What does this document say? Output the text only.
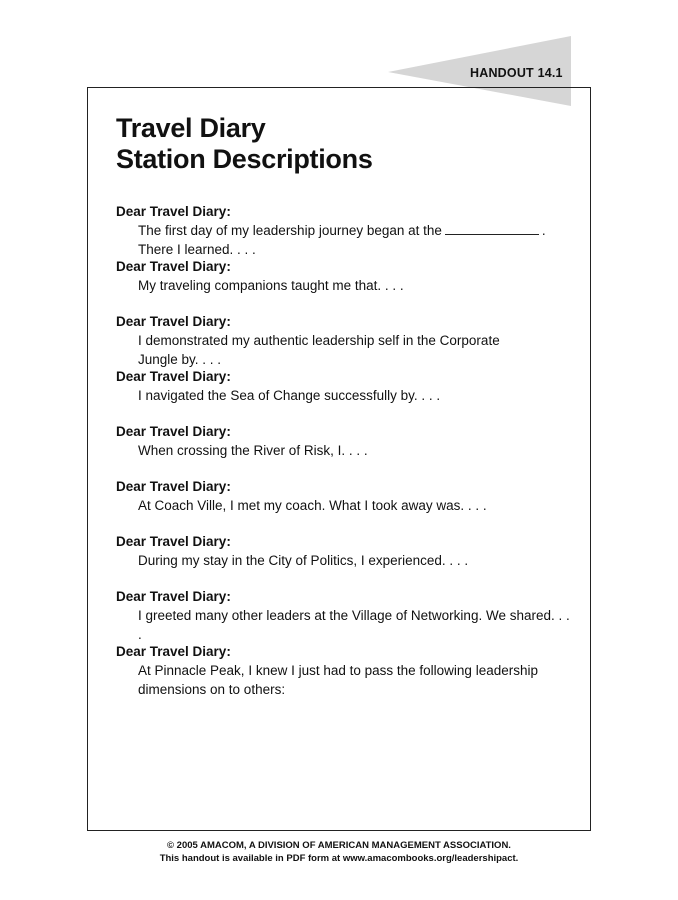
HANDOUT 14.1
Travel Diary
Station Descriptions
Dear Travel Diary:
The first day of my leadership journey began at the	.
There I learned. . . .
Dear Travel Diary:
My traveling companions taught me that. . . .
Dear Travel Diary:
I demonstrated my authentic leadership self in the Corporate
Jungle by. . . .
Dear Travel Diary:
I navigated the Sea of Change successfully by. . . .
Dear Travel Diary:
When crossing the River of Risk, I. . . .
Dear Travel Diary:
At Coach Ville, I met my coach. What I took away was. . . .
Dear Travel Diary:
During my stay in the City of Politics, I experienced. . . .
Dear Travel Diary:
I greeted many other leaders at the Village of Networking. We shared. . . .
Dear Travel Diary:
At Pinnacle Peak, I knew I just had to pass the following leadership
dimensions on to others:
© 2005 AMACOM, A DIVISION OF AMERICAN MANAGEMENT ASSOCIATION.
This handout is available in PDF form at www.amacombooks.org/leadershipact.
